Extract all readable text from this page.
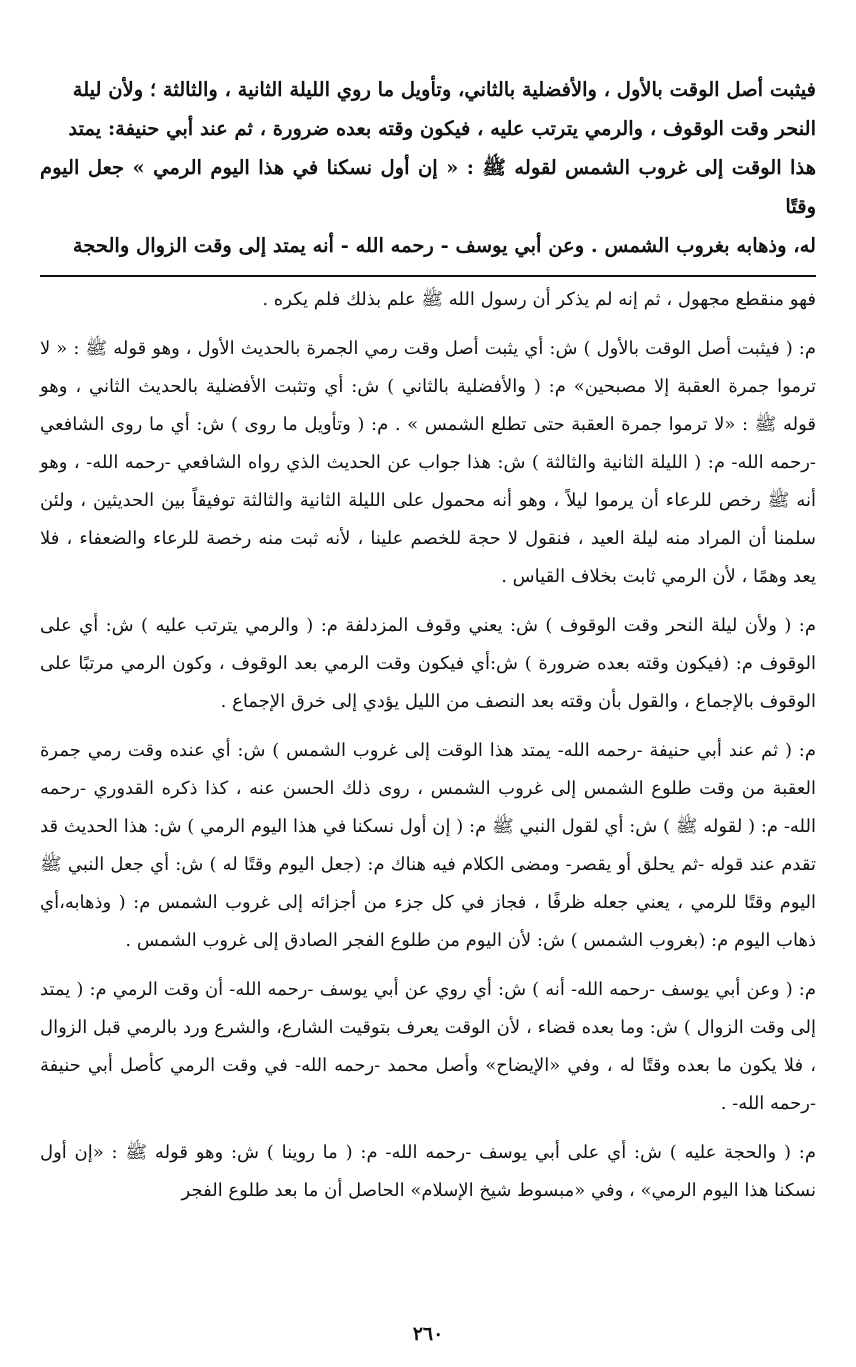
فيثبت أصل الوقت بالأول ، والأفضلية بالثاني، وتأويل ما روي الليلة الثانية ، والثالثة ؛ ولأن ليلة

النحر وقت الوقوف ، والرمي يترتب عليه ، فيكون وقته بعده ضرورة ، ثم عند أبي حنيفة: يمتد

هذا الوقت إلى غروب الشمس لقوله ﷺ : « إن أول نسكنا في هذا اليوم الرمي » جعل اليوم وقتًا

له، وذهابه بغروب الشمس . وعن أبي يوسف - رحمه الله - أنه يمتد إلى وقت الزوال والحجة

فهو منقطع مجهول ، ثم إنه لم يذكر أن رسول الله ﷺ علم بذلك فلم يكره .

م: ( فيثبت أصل الوقت بالأول ) ش: أي يثبت أصل وقت رمي الجمرة بالحديث الأول ، وهو قوله ﷺ : « لا ترموا جمرة العقبة إلا مصبحين» م: ( والأفضلية بالثاني ) ش: أي وتثبت الأفضلية بالحديث الثاني ، وهو قوله ﷺ : «لا ترموا جمرة العقبة حتى تطلع الشمس » . م: ( وتأويل ما روى ) ش: أي ما روى الشافعي -رحمه الله- م: ( الليلة الثانية والثالثة ) ش: هذا جواب عن الحديث الذي رواه الشافعي -رحمه الله- ، وهو أنه ﷺ رخص للرعاء أن يرموا ليلاً ، وهو أنه محمول على الليلة الثانية والثالثة توفيقاً بين الحديثين ، ولئن سلمنا أن المراد منه ليلة العيد ، فنقول لا حجة للخصم علينا ، لأنه ثبت منه رخصة للرعاء والضعفاء ، فلا يعد وهمًا ، لأن الرمي ثابت بخلاف القياس .

م: ( ولأن ليلة النحر وقت الوقوف ) ش: يعني وقوف المزدلفة م: ( والرمي يترتب عليه ) ش: أي على الوقوف م: (فيكون وقته بعده ضرورة ) ش:أي فيكون وقت الرمي بعد الوقوف ، وكون الرمي مرتبًا على الوقوف بالإجماع ، والقول بأن وقته بعد النصف من الليل يؤدي إلى خرق الإجماع .

م: ( ثم عند أبي حنيفة -رحمه الله- يمتد هذا الوقت إلى غروب الشمس ) ش: أي عنده وقت رمي جمرة العقبة من وقت طلوع الشمس إلى غروب الشمس ، روى ذلك الحسن عنه ، كذا ذكره القدوري -رحمه الله- م: ( لقوله ﷺ ) ش: أي لقول النبي ﷺ م: ( إن أول نسكنا في هذا اليوم الرمي ) ش: هذا الحديث قد تقدم عند قوله -ثم يحلق أو يقصر- ومضى الكلام فيه هناك م: (جعل اليوم وقتًا له ) ش: أي جعل النبي ﷺ اليوم وقتًا للرمي ، يعني جعله ظرفًا ، فجاز في كل جزء من أجزائه إلى غروب الشمس م: ( وذهابه،أي ذهاب اليوم م: (بغروب الشمس ) ش: لأن اليوم من طلوع الفجر الصادق إلى غروب الشمس .

م: ( وعن أبي يوسف -رحمه الله- أنه ) ش: أي روي عن أبي يوسف -رحمه الله- أن وقت الرمي م: ( يمتد إلى وقت الزوال ) ش: وما بعده قضاء ، لأن الوقت يعرف بتوقيت الشارع، والشرع ورد بالرمي قبل الزوال ، فلا يكون ما بعده وقتًا له ، وفي «الإيضاح» وأصل محمد -رحمه الله- في وقت الرمي كأصل أبي حنيفة -رحمه الله- .

م: ( والحجة عليه ) ش: أي على أبي يوسف -رحمه الله- م: ( ما روينا ) ش: وهو قوله ﷺ : «إن أول نسكنا هذا اليوم الرمي» ، وفي «مبسوط شيخ الإسلام» الحاصل أن ما بعد طلوع الفجر

٢٦٠
